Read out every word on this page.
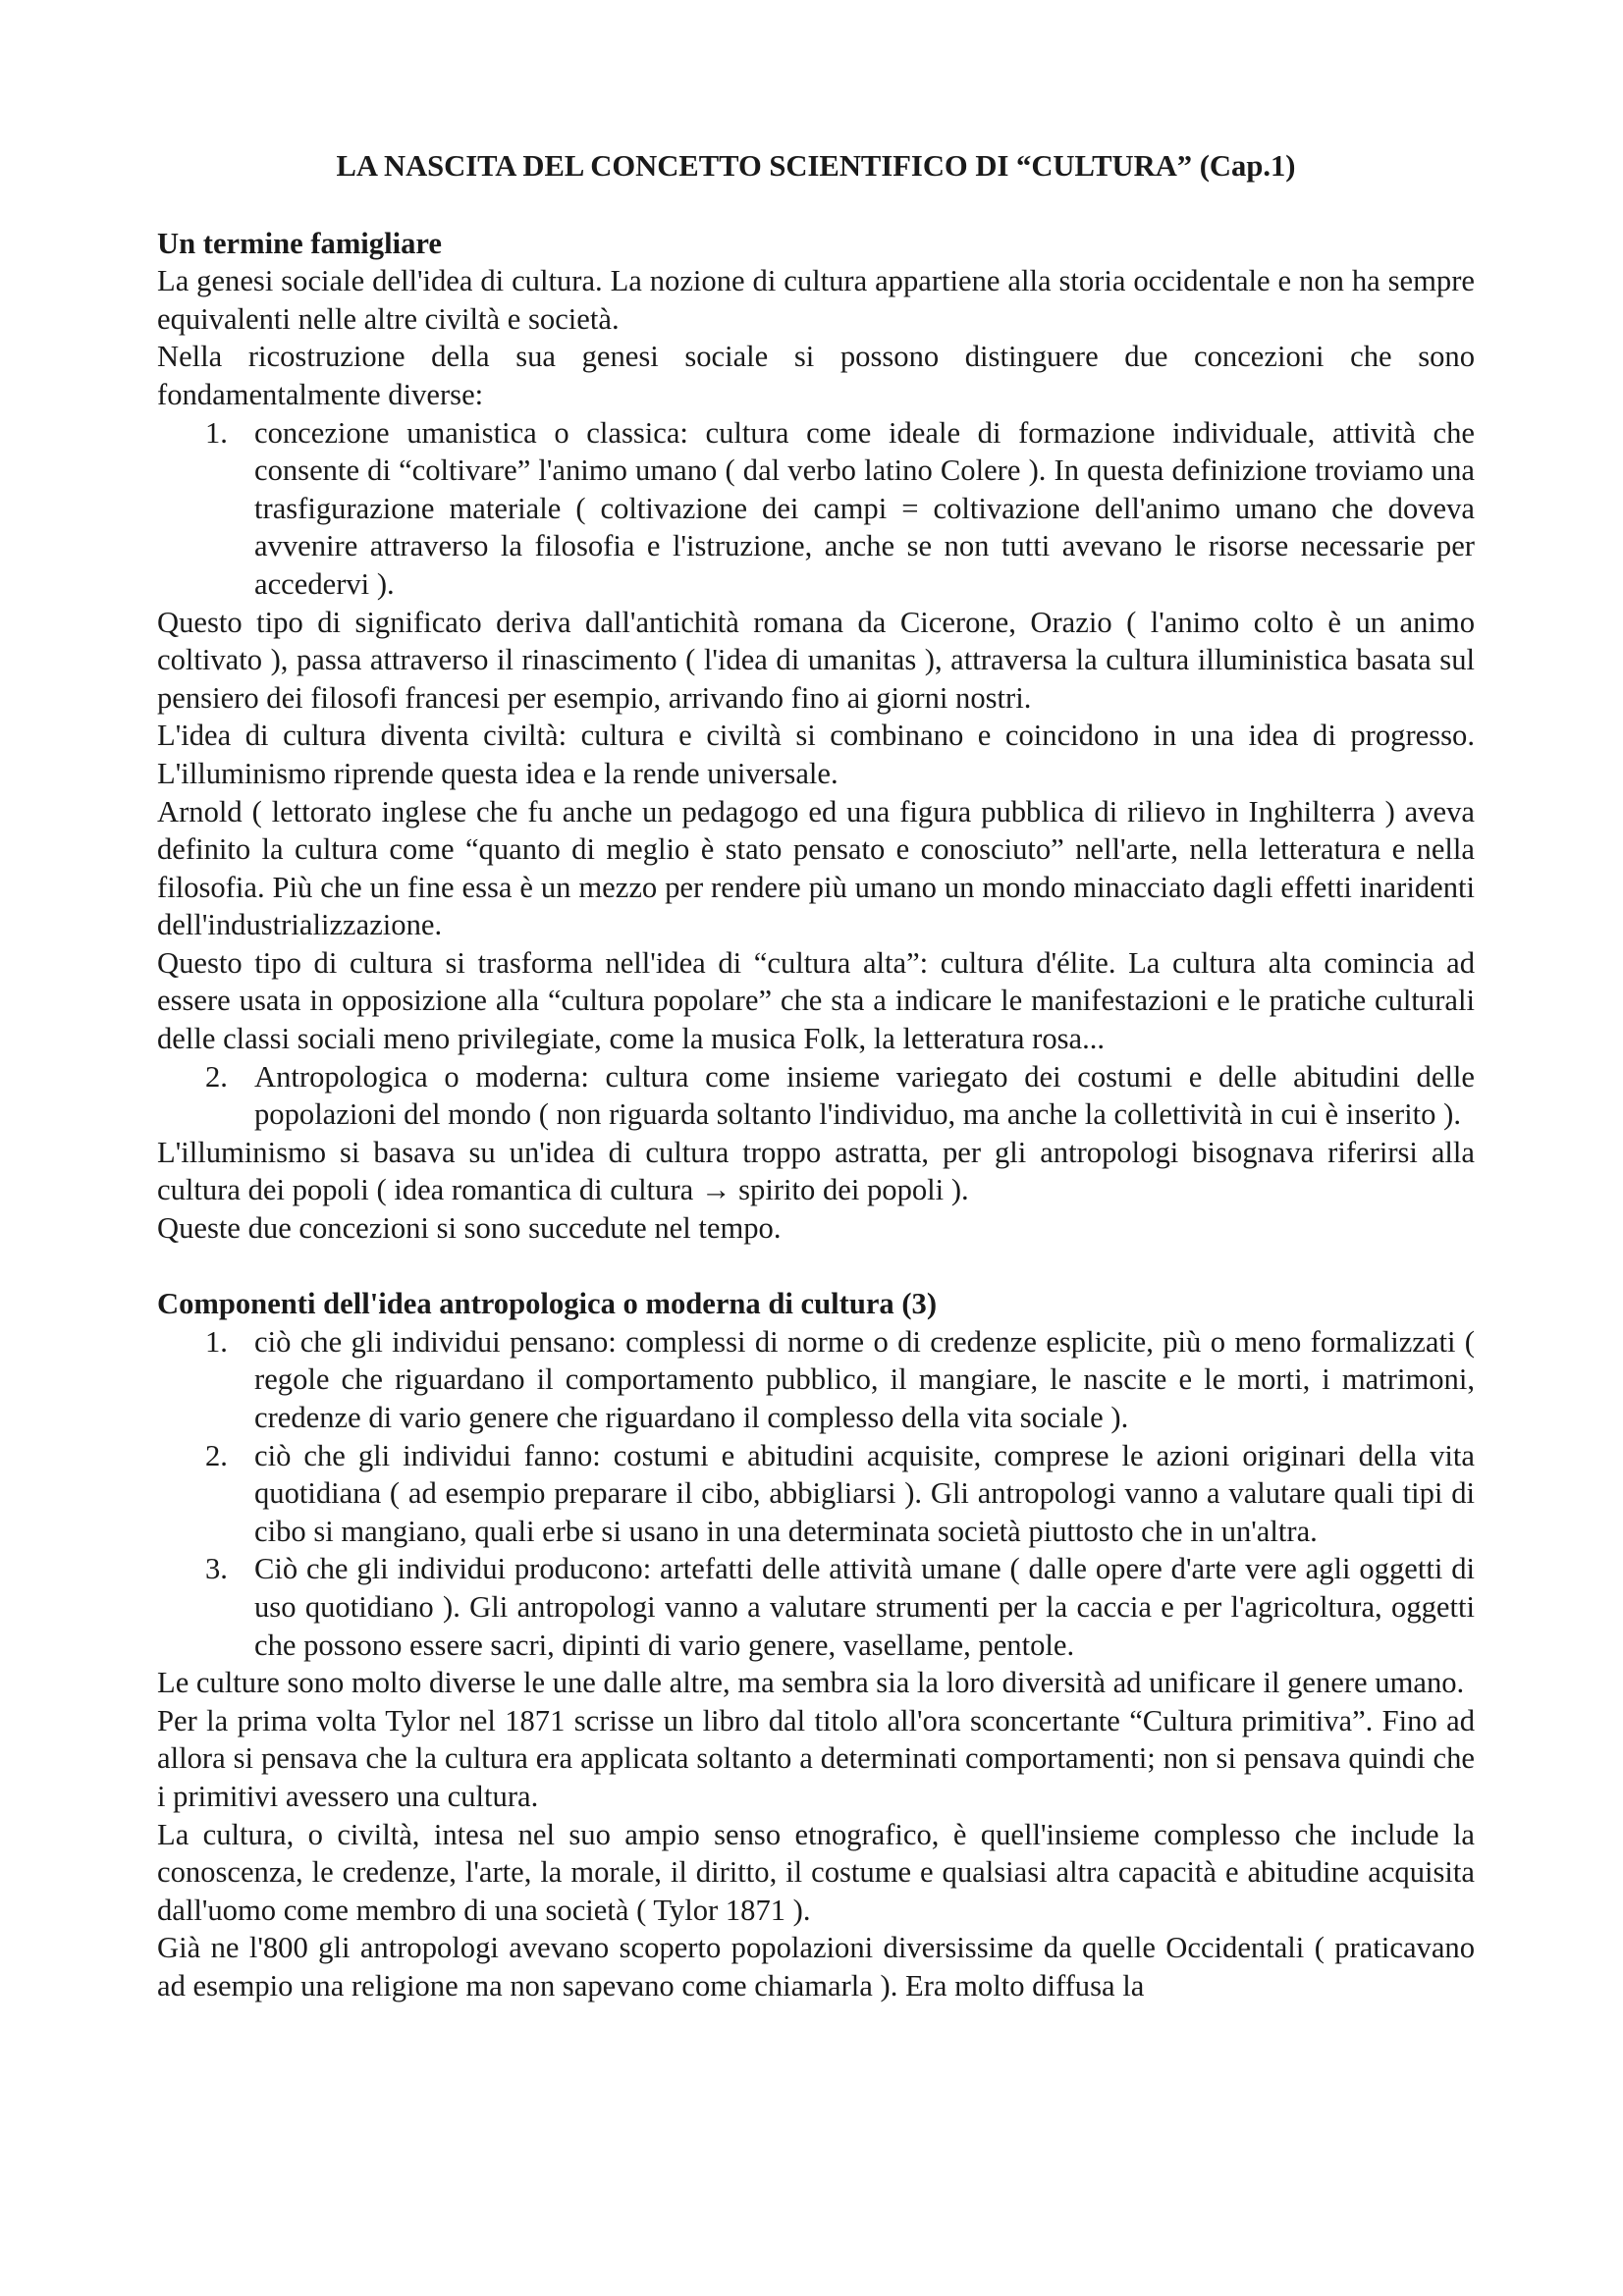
LA NASCITA DEL CONCETTO SCIENTIFICO DI “CULTURA” (Cap.1)
Un termine famigliare
La genesi sociale dell'idea di cultura. La nozione di cultura appartiene alla storia occidentale e non ha sempre equivalenti nelle altre civiltà e società.
Nella ricostruzione della sua genesi sociale si possono distinguere due concezioni che sono fondamentalmente diverse:
1. concezione umanistica o classica: cultura come ideale di formazione individuale, attività che consente di “coltivare” l'animo umano ( dal verbo latino Colere ). In questa definizione troviamo una trasfigurazione materiale ( coltivazione dei campi = coltivazione dell'animo umano che doveva avvenire attraverso la filosofia e l'istruzione, anche se non tutti avevano le risorse necessarie per accedervi ).
Questo tipo di significato deriva dall'antichità romana da Cicerone, Orazio ( l'animo colto è un animo coltivato ), passa attraverso il rinascimento ( l'idea di umanitas ), attraversa la cultura illuministica basata sul pensiero dei filosofi francesi per esempio, arrivando fino ai giorni nostri.
L'idea di cultura diventa civiltà: cultura e civiltà si combinano e coincidono in una idea di progresso. L'illuminismo riprende questa idea e la rende universale.
Arnold ( lettorato inglese che fu anche un pedagogo ed una figura pubblica di rilievo in Inghilterra ) aveva definito la cultura come “quanto di meglio è stato pensato e conosciuto” nell'arte, nella letteratura e nella filosofia. Più che un fine essa è un mezzo per rendere più umano un mondo minacciato dagli effetti inaridenti dell'industrializzazione.
Questo tipo di cultura si trasforma nell'idea di “cultura alta”: cultura d'élite. La cultura alta comincia ad essere usata in opposizione alla “cultura popolare” che sta a indicare le manifestazioni e le pratiche culturali delle classi sociali meno privilegiate, come la musica Folk, la letteratura rosa...
2. Antropologica o moderna: cultura come insieme variegato dei costumi e delle abitudini delle popolazioni del mondo ( non riguarda soltanto l'individuo, ma anche la collettività in cui è inserito ).
L'illuminismo si basava su un'idea di cultura troppo astratta, per gli antropologi bisognava riferirsi alla cultura dei popoli ( idea romantica di cultura → spirito dei popoli ).
Queste due concezioni si sono succedute nel tempo.
Componenti dell'idea antropologica o moderna di cultura (3)
1. ciò che gli individui pensano: complessi di norme o di credenze esplicite, più o meno formalizzati ( regole che riguardano il comportamento pubblico, il mangiare, le nascite e le morti, i matrimoni, credenze di vario genere che riguardano il complesso della vita sociale ).
2. ciò che gli individui fanno: costumi e abitudini acquisite, comprese le azioni originari della vita quotidiana ( ad esempio preparare il cibo, abbigliarsi ). Gli antropologi vanno a valutare quali tipi di cibo si mangiano, quali erbe si usano in una determinata società piuttosto che in un'altra.
3. Ciò che gli individui producono: artefatti delle attività umane ( dalle opere d'arte vere agli oggetti di uso quotidiano ). Gli antropologi vanno a valutare strumenti per la caccia e per l'agricoltura, oggetti che possono essere sacri, dipinti di vario genere, vasellame, pentole.
Le culture sono molto diverse le une dalle altre, ma sembra sia la loro diversità ad unificare il genere umano.
Per la prima volta Tylor nel 1871 scrisse un libro dal titolo all'ora sconcertante “Cultura primitiva”. Fino ad allora si pensava che la cultura era applicata soltanto a determinati comportamenti; non si pensava quindi che i primitivi avessero una cultura.
La cultura, o civiltà, intesa nel suo ampio senso etnografico, è quell'insieme complesso che include la conoscenza, le credenze, l'arte, la morale, il diritto, il costume e qualsiasi altra capacità e abitudine acquisita dall'uomo come membro di una società ( Tylor 1871 ).
Già ne l'800 gli antropologi avevano scoperto popolazioni diversissime da quelle Occidentali ( praticavano ad esempio una religione ma non sapevano come chiamarla ). Era molto diffusa la
